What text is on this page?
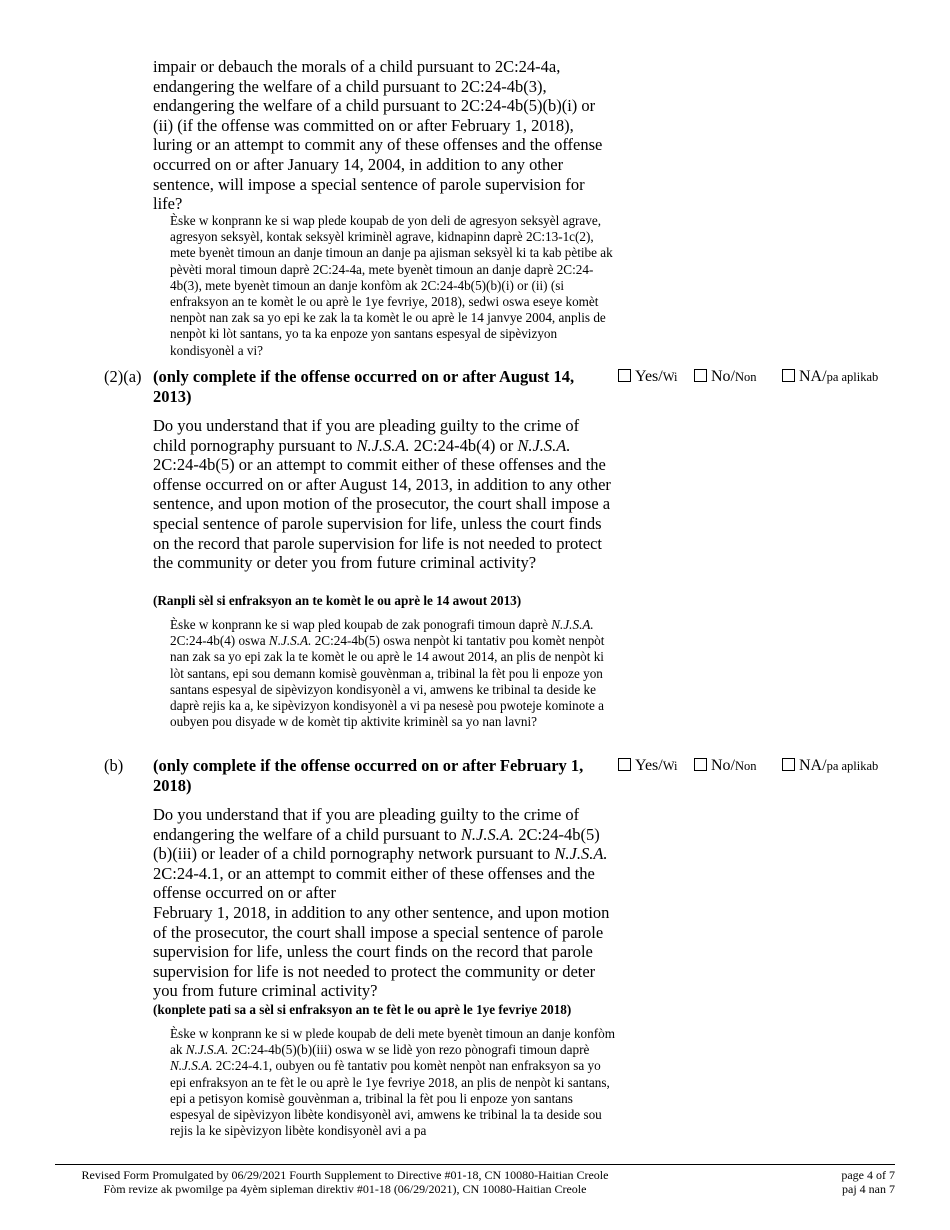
impair or debauch the morals of a child pursuant to 2C:24-4a, endangering the welfare of a child pursuant to 2C:24-4b(3), endangering the welfare of a child pursuant to 2C:24-4b(5)(b)(i) or (ii) (if the offense was committed on or after February 1, 2018), luring or an attempt to commit any of these offenses and the offense occurred on or after January 14, 2004, in addition to any other sentence, will impose a special sentence of parole supervision for life?
Èske w konprann ke si wap plede koupab de yon deli de agresyon seksyèl agrave, agresyon seksyèl, kontak seksyèl kriminèl agrave, kidnapinn daprè 2C:13-1c(2), mete byenèt timoun an danje timoun an danje pa ajisman seksyèl ki ta kab pètibe ak pèvèti moral timoun daprè 2C:24-4a, mete byenèt timoun an danje daprè 2C:24-4b(3), mete byenèt timoun an danje konfòm ak 2C:24-4b(5)(b)(i) or (ii) (si enfraksyon an te komèt le ou aprè le 1ye fevriye, 2018), sedwi oswa eseye komèt nenpòt nan zak sa yo epi ke zak la ta komèt le ou aprè le 14 janvye 2004, anplis de nenpòt ki lòt santans, yo ta ka enpoze yon santans espesyal de sipèvizyon kondisyonèl a vi?
(2)(a) (only complete if the offense occurred on or after August 14, 2013)
Yes/Wi	No/Non	NA/pa aplikab
Do you understand that if you are pleading guilty to the crime of child pornography pursuant to N.J.S.A. 2C:24-4b(4) or N.J.S.A. 2C:24-4b(5) or an attempt to commit either of these offenses and the offense occurred on or after August 14, 2013, in addition to any other sentence, and upon motion of the prosecutor, the court shall impose a special sentence of parole supervision for life, unless the court finds on the record that parole supervision for life is not needed to protect the community or deter you from future criminal activity?
(Ranpli sèl si enfraksyon an te komèt le ou aprè le 14 awout 2013)
Èske w konprann ke si wap pled koupab de zak ponografi timoun daprè N.J.S.A. 2C:24-4b(4) oswa N.J.S.A. 2C:24-4b(5) oswa nenpòt ki tantativ pou komèt nenpòt nan zak sa yo epi zak la te komèt le ou aprè le 14 awout 2014, an plis de nenpòt ki lòt santans, epi sou demann komisè gouvènman a, tribinal la fèt pou li enpoze yon santans espesyal de sipèvizyon kondisyonèl a vi, amwens ke tribinal ta deside ke daprè rejis ka a, ke sipèvizyon kondisyonèl a vi pa nesesè pou pwoteje kominote a oubyen pou disyade w de komèt tip aktivite kriminèl sa yo nan lavni?
(b) (only complete if the offense occurred on or after February 1, 2018)
Yes/Wi	No/Non	NA/pa aplikab
Do you understand that if you are pleading guilty to the crime of endangering the welfare of a child pursuant to N.J.S.A. 2C:24-4b(5)(b)(iii) or leader of a child pornography network pursuant to N.J.S.A. 2C:24-4.1, or an attempt to commit either of these offenses and the offense occurred on or after
February 1, 2018, in addition to any other sentence, and upon motion of the prosecutor, the court shall impose a special sentence of parole supervision for life, unless the court finds on the record that parole supervision for life is not needed to protect the community or deter you from future criminal activity?
(konplete pati sa a sèl si enfraksyon an te fèt le ou aprè le 1ye fevriye 2018)
Èske w konprann ke si w plede koupab de deli mete byenèt timoun an danje konfòm ak N.J.S.A. 2C:24-4b(5)(b)(iii) oswa w se lidè yon rezo pònografi timoun daprè N.J.S.A. 2C:24-4.1, oubyen ou fè tantativ pou komèt nenpòt nan enfraksyon sa yo epi enfraksyon an te fèt le ou aprè le 1ye fevriye 2018, an plis de nenpòt ki santans, epi a petisyon komisè gouvènman a, tribinal la fèt pou li enpoze yon santans espesyal de sipèvizyon libète kondisyonèl avi, amwens ke tribinal la ta deside sou rejis la ke sipèvizyon libète kondisyonèl avi a pa
Revised Form Promulgated by 06/29/2021 Fourth Supplement to Directive #01-18, CN 10080-Haitian Creole
Fòm revize ak pwomilge pa 4yèm sipleman direktiv #01-18 (06/29/2021), CN 10080-Haitian Creole
page 4 of 7
paj 4 nan 7
